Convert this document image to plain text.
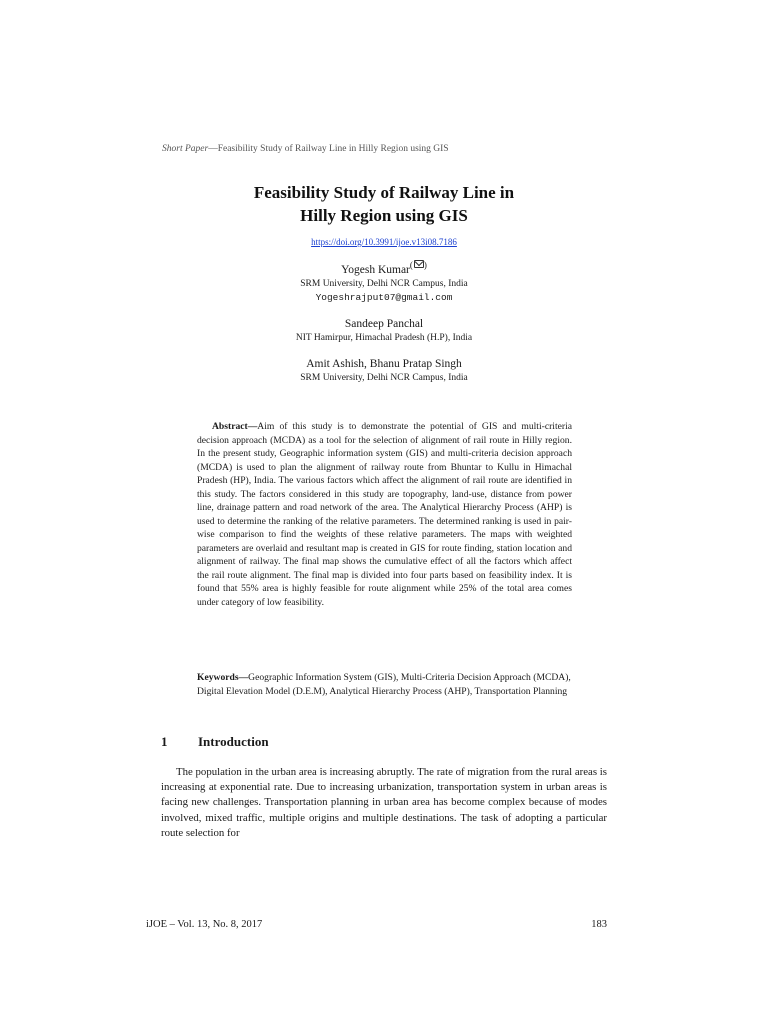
Short Paper—Feasibility Study of Railway Line in Hilly Region using GIS
Feasibility Study of Railway Line in
Hilly Region using GIS
https://doi.org/10.3991/ijoe.v13i08.7186
Yogesh Kumar( )
SRM University, Delhi NCR Campus, India
Yogeshrajput07@gmail.com
Sandeep Panchal
NIT Hamirpur, Himachal Pradesh (H.P), India
Amit Ashish, Bhanu Pratap Singh
SRM University, Delhi NCR Campus, India

Abstract—Aim of this study is to demonstrate the potential of GIS and multi-criteria decision approach (MCDA) as a tool for the selection of alignment of rail route in Hilly region. In the present study, Geographic information system (GIS) and multi-criteria decision approach (MCDA) is used to plan the alignment of railway route from Bhuntar to Kullu in Himachal Pradesh (HP), India. The various factors which affect the alignment of rail route are identified in this study. The factors considered in this study are topography, land-use, distance from power line, drainage pattern and road network of the area. The Analytical Hierarchy Process (AHP) is used to determine the ranking of the relative parameters. The determined ranking is used in pair-wise comparison to find the weights of these relative parameters. The maps with weighted parameters are overlaid and resultant map is created in GIS for route finding, station location and alignment of railway. The final map shows the cumulative effect of all the factors which affect the rail route alignment. The final map is divided into four parts based on feasibility index. It is found that 55% area is highly feasible for route alignment while 25% of the total area comes under category of low feasibility.

Keywords—Geographic Information System (GIS), Multi-Criteria Decision Approach (MCDA), Digital Elevation Model (D.E.M), Analytical Hierarchy Process (AHP), Transportation Planning

1 Introduction

The population in the urban area is increasing abruptly. The rate of migration from the rural areas is increasing at exponential rate. Due to increasing urbanization, transportation system in urban areas is facing new challenges. Transportation planning in urban area has become complex because of modes involved, mixed traffic, multiple origins and multiple destinations. The task of adopting a particular route selection for

iJOE – Vol. 13, No. 8, 2017	183
